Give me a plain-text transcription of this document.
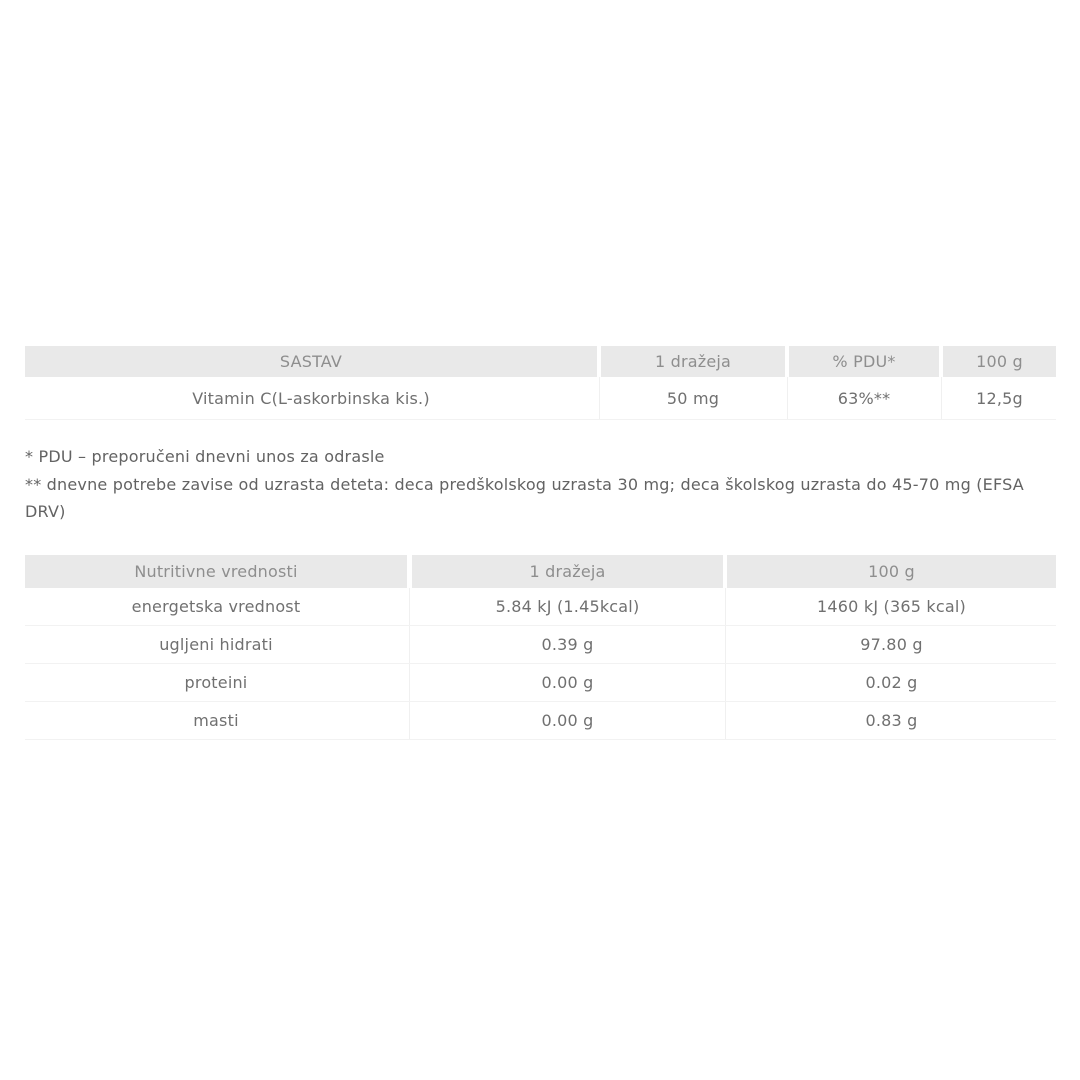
SASTAV	1 dražeja	% PDU*	100 g
Vitamin C(L-askorbinska kis.)	50 mg	63%**	12,5g
* PDU – preporučeni dnevni unos za odrasle
** dnevne potrebe zavise od uzrasta deteta: deca predškolskog uzrasta 30 mg; deca školskog uzrasta do 45-70 mg (EFSA
DRV)
Nutritivne vrednosti	1 dražeja	100 g
energetska vrednost	5.84 kJ (1.45kcal)	1460 kJ (365 kcal)
ugljeni hidrati	0.39 g	97.80 g
proteini	0.00 g	0.02 g
masti	0.00 g	0.83 g
